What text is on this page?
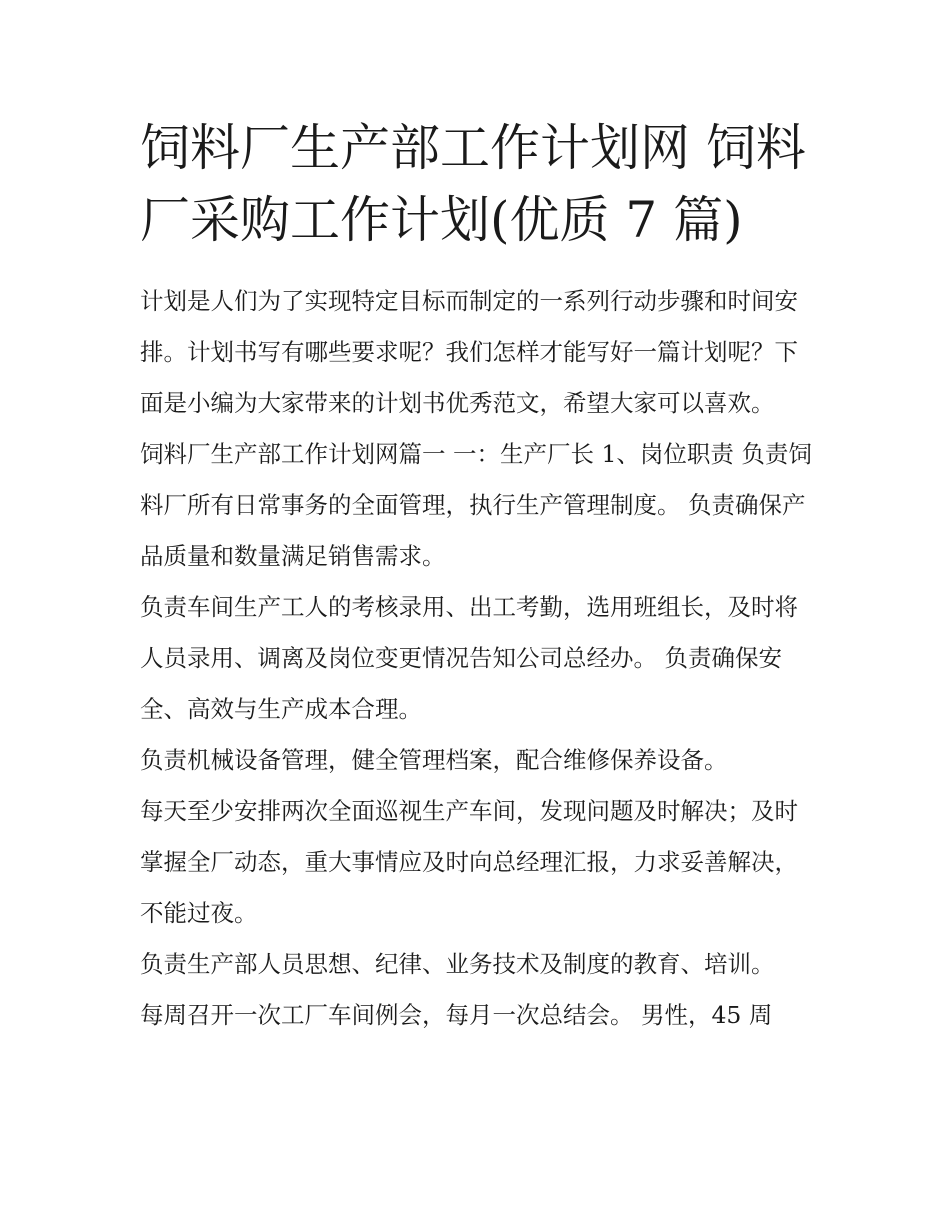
饲料厂生产部工作计划网 饲料厂采购工作计划(优质 7 篇)

计划是人们为了实现特定目标而制定的一系列行动步骤和时间安排。计划书写有哪些要求呢？我们怎样才能写好一篇计划呢？下面是小编为大家带来的计划书优秀范文，希望大家可以喜欢。

饲料厂生产部工作计划网篇一 一：生产厂长 1、岗位职责 负责饲料厂所有日常事务的全面管理，执行生产管理制度。 负责确保产品质量和数量满足销售需求。

负责车间生产工人的考核录用、出工考勤，选用班组长，及时将人员录用、调离及岗位变更情况告知公司总经办。 负责确保安全、高效与生产成本合理。

负责机械设备管理，健全管理档案，配合维修保养设备。

每天至少安排两次全面巡视生产车间，发现问题及时解决；及时掌握全厂动态，重大事情应及时向总经理汇报，力求妥善解决，不能过夜。

负责生产部人员思想、纪律、业务技术及制度的教育、培训。

每周召开一次工厂车间例会，每月一次总结会。 男性，45 周
